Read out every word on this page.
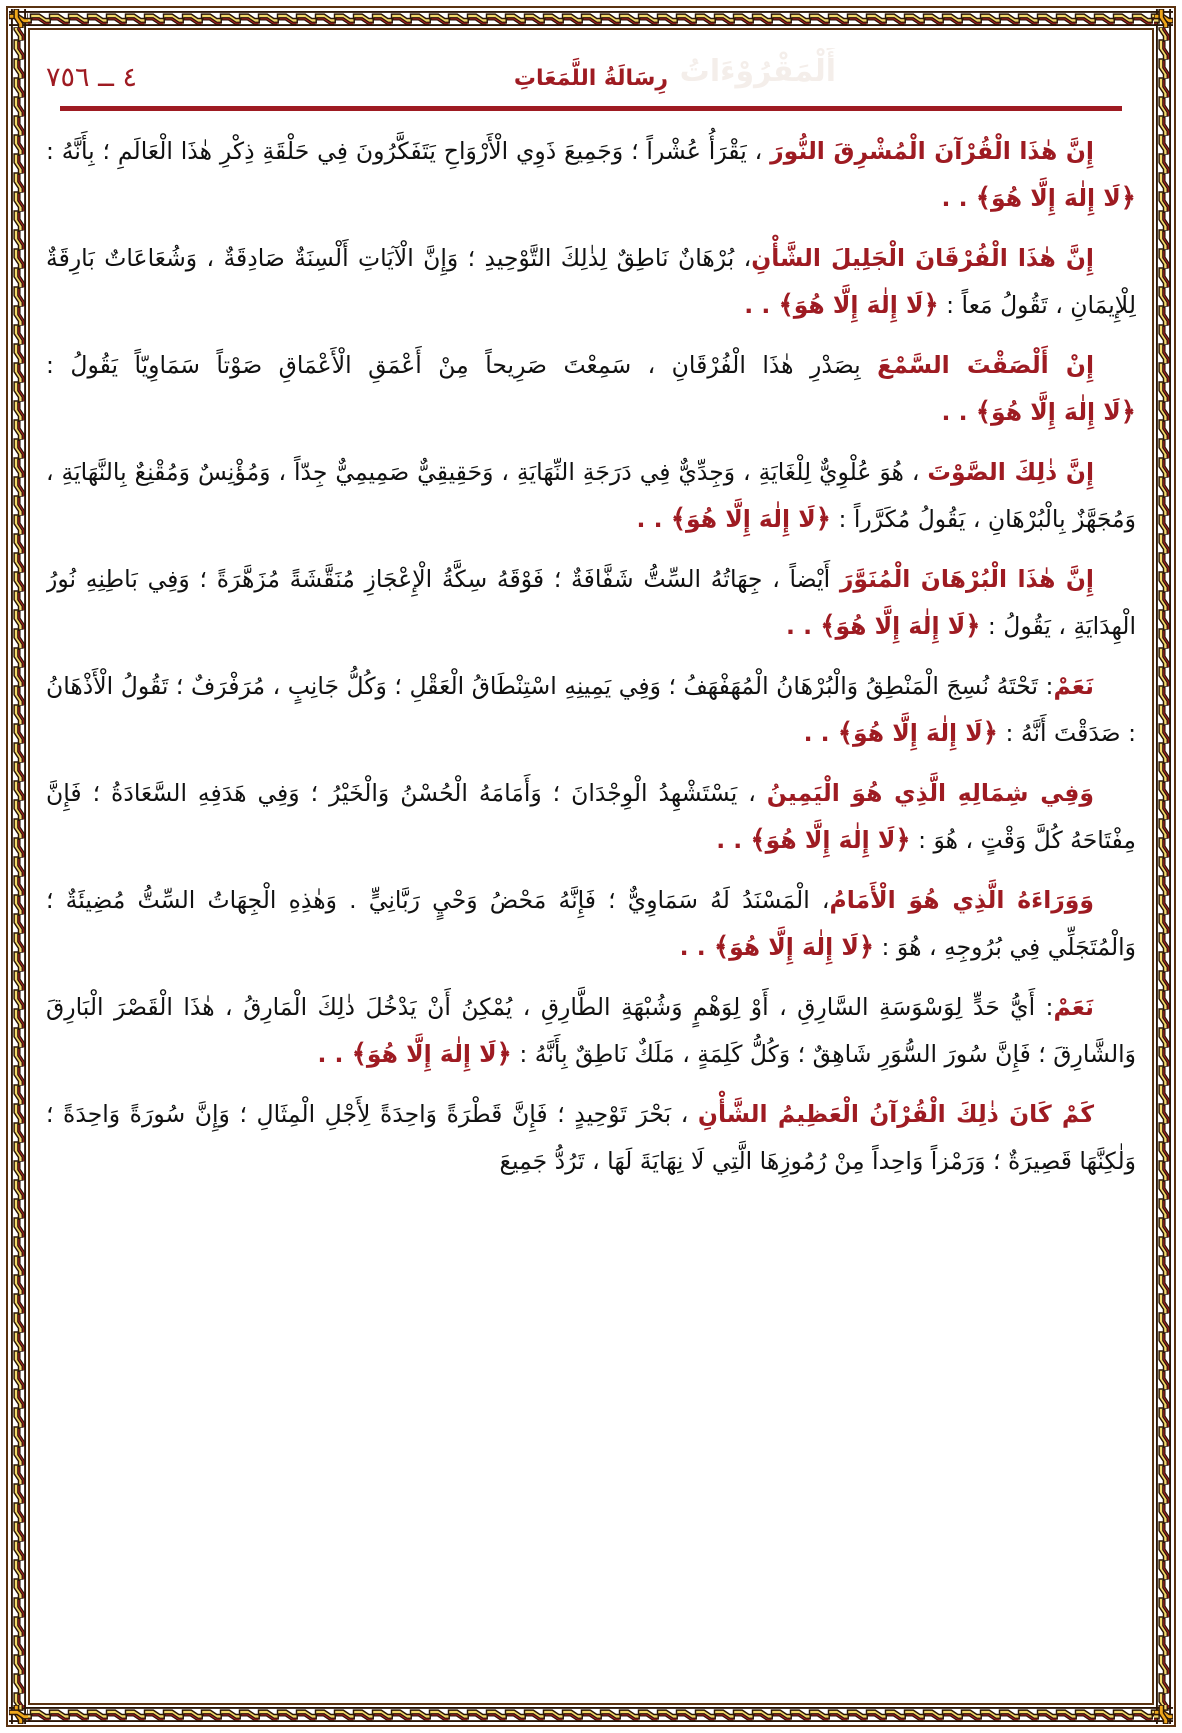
أَلْمَقْرُوْءَاتُ
٤ ــ ٧٥٦	رِسَالَةُ اللَّمَعَاتِ
إِنَّ هٰذَا الْقُرْآنَ الْمُشْرِقَ النُّورَ ، يَقْرَأُ عُشْراً ؛ وَجَمِيعَ ذَوِي الْأَرْوَاحِ يَتَفَكَّرُونَ فِي حَلْقَةِ ذِكْرِ هٰذَا الْعَالَمِ ؛ بِأَنَّهُ : ﴿لَا إِلٰهَ إِلَّا هُوَ﴾ . .
إِنَّ هٰذَا الْفُرْقَانَ الْجَلِيلَ الشَّأْنِ، بُرْهَانٌ نَاطِقٌ لِذٰلِكَ التَّوْحِيدِ ؛ وَإِنَّ الْآيَاتِ أَلْسِنَةٌ صَادِقَةٌ ، وَشُعَاعَاتٌ بَارِقَةٌ لِلْإِيمَانِ ، تَقُولُ مَعاً : ﴿لَا إِلٰهَ إِلَّا هُوَ﴾ . .
إِنْ أَلْصَقْتَ السَّمْعَ بِصَدْرِ هٰذَا الْفُرْقَانِ ، سَمِعْتَ صَرِيحاً مِنْ أَعْمَقِ الْأَعْمَاقِ صَوْتاً سَمَاوِيّاً يَقُولُ : ﴿لَا إِلٰهَ إِلَّا هُوَ﴾ . .
إِنَّ ذٰلِكَ الصَّوْتَ ، هُوَ عُلْوِيٌّ لِلْغَايَةِ ، وَجِدِّيٌّ فِي دَرَجَةِ النِّهَايَةِ ، وَحَقِيقِيٌّ صَمِيمِيٌّ جِدّاً ، وَمُؤْنِسٌ وَمُقْنِعٌ بِالنَّهَايَةِ ، وَمُجَهَّزٌ بِالْبُرْهَانِ ، يَقُولُ مُكَرَّراً : ﴿لَا إِلٰهَ إِلَّا هُوَ﴾ . .
إِنَّ هٰذَا الْبُرْهَانَ الْمُنَوَّرَ أَيْضاً ، جِهَاتُهُ السِّتُّ شَفَّافَةٌ ؛ فَوْقَهُ سِكَّةُ الْإِعْجَازِ مُنَقَّشَةً مُزَهَّرَةً ؛ وَفِي بَاطِنِهِ نُورُ الْهِدَايَةِ ، يَقُولُ : ﴿لَا إِلٰهَ إِلَّا هُوَ﴾ . .
نَعَمْ: تَحْتَهُ نُسِجَ الْمَنْطِقُ وَالْبُرْهَانُ الْمُهَفْهَفُ ؛ وَفِي يَمِينِهِ اسْتِنْطَاقُ الْعَقْلِ ؛ وَكُلُّ جَانِبٍ ، مُرَفْرَفٌ ؛ تَقُولُ الْأَذْهَانُ : صَدَقْتَ أَنَّهُ : ﴿لَا إِلٰهَ إِلَّا هُوَ﴾ . .
وَفِي شِمَالِهِ الَّذِي هُوَ الْيَمِينُ ، يَسْتَشْهِدُ الْوِجْدَانَ ؛ وَأَمَامَهُ الْحُسْنُ وَالْخَيْرُ ؛ وَفِي هَدَفِهِ السَّعَادَةُ ؛ فَإِنَّ مِفْتَاحَهُ كُلَّ وَقْتٍ ، هُوَ : ﴿لَا إِلٰهَ إِلَّا هُوَ﴾ . .
وَوَرَاءَهُ الَّذِي هُوَ الْأَمَامُ، الْمَسْنَدُ لَهُ سَمَاوِيٌّ ؛ فَإِنَّهُ مَحْضُ وَحْيٍ رَبَّانِيٍّ . وَهٰذِهِ الْجِهَاتُ السِّتُّ مُضِيئَةٌ ؛ وَالْمُتَجَلِّي فِي بُرُوجِهِ ، هُوَ : ﴿لَا إِلٰهَ إِلَّا هُوَ﴾ . .
نَعَمْ: أَيُّ حَدٍّ لِوَسْوَسَةِ السَّارِقِ ، أَوْ لِوَهْمٍ وَشُبْهَةِ الطَّارِقِ ، يُمْكِنُ أَنْ يَدْخُلَ ذٰلِكَ الْمَارِقُ ، هٰذَا الْقَصْرَ الْبَارِقَ وَالشَّارِقَ ؛ فَإِنَّ سُورَ السُّوَرِ شَاهِقٌ ؛ وَكُلُّ كَلِمَةٍ ، مَلَكٌ نَاطِقٌ بِأَنَّهُ : ﴿لَا إِلٰهَ إِلَّا هُوَ﴾ . .
كَمْ كَانَ ذٰلِكَ الْقُرْآنُ الْعَظِيمُ الشَّأْنِ ، بَحْرَ تَوْحِيدٍ ؛ فَإِنَّ قَطْرَةً وَاحِدَةً لِأَجْلِ الْمِثَالِ ؛ وَإِنَّ سُورَةً وَاحِدَةً ؛ وَلٰكِنَّهَا قَصِيرَةٌ ؛ وَرَمْزاً وَاحِداً مِنْ رُمُوزِهَا الَّتِي لَا نِهَايَةَ لَهَا ، تَرُدُّ جَمِيعَ
